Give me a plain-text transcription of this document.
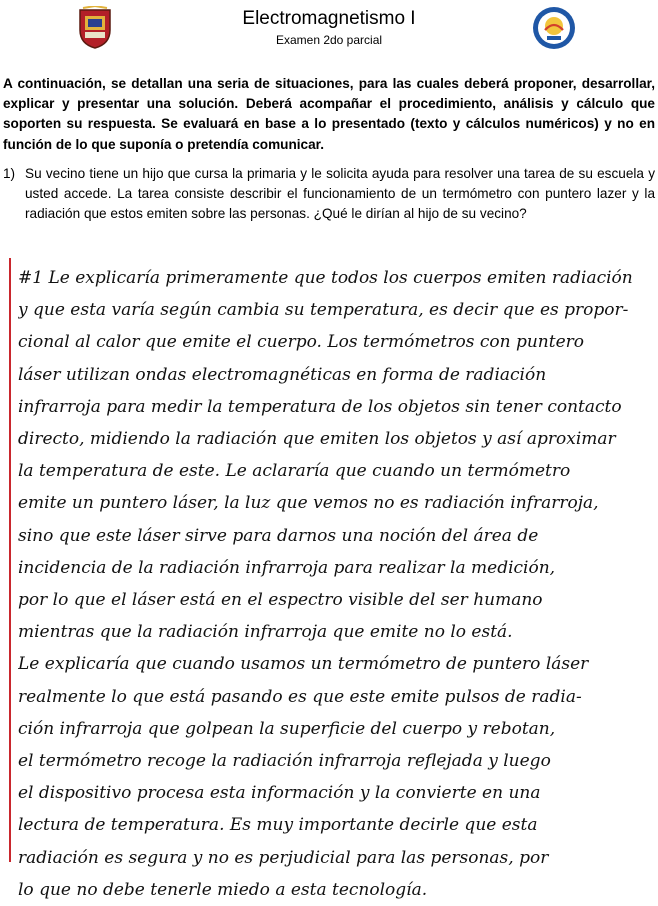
Electromagnetismo I
Examen 2do parcial
A continuación, se detallan una seria de situaciones, para las cuales deberá proponer, desarrollar, explicar y presentar una solución. Deberá acompañar el procedimiento, análisis y cálculo que soporten su respuesta. Se evaluará en base a lo presentado (texto y cálculos numéricos) y no en función de lo que suponía o pretendía comunicar.
1) Su vecino tiene un hijo que cursa la primaria y le solicita ayuda para resolver una tarea de su escuela y usted accede. La tarea consiste describir el funcionamiento de un termómetro con puntero lazer y la radiación que estos emiten sobre las personas. ¿Qué le dirían al hijo de su vecino?
#1 Le explicaría primeramente que todos los cuerpos emiten radiación
y que esta varía según cambia su temperatura, es decir que es propor-
cional al calor que emite el cuerpo. Los termómetros con puntero
láser utilizan ondas electromagnéticas en forma de radiación
infrarroja para medir la temperatura de los objetos sin tener contacto
directo, midiendo la radiación que emiten los objetos y así aproximar
la temperatura de este. Le aclararía que cuando un termómetro
emite un puntero láser, la luz que vemos no es radiación infrarroja,
sino que este láser sirve para darnos una noción del área de
incidencia de la radiación infrarroja para realizar la medición,
por lo que el láser está en el espectro visible del ser humano
mientras que la radiación infrarroja que emite no lo está.
Le explicaría que cuando usamos un termómetro de puntero láser
realmente lo que está pasando es que este emite pulsos de radia-
ción infrarroja que golpean la superficie del cuerpo y rebotan,
el termómetro recoge la radiación infrarroja reflejada y luego
el dispositivo procesa esta información y la convierte en una
lectura de temperatura. Es muy importante decirle que esta
radiación es segura y no es perjudicial para las personas, por
lo que no debe tenerle miedo a esta tecnología.
